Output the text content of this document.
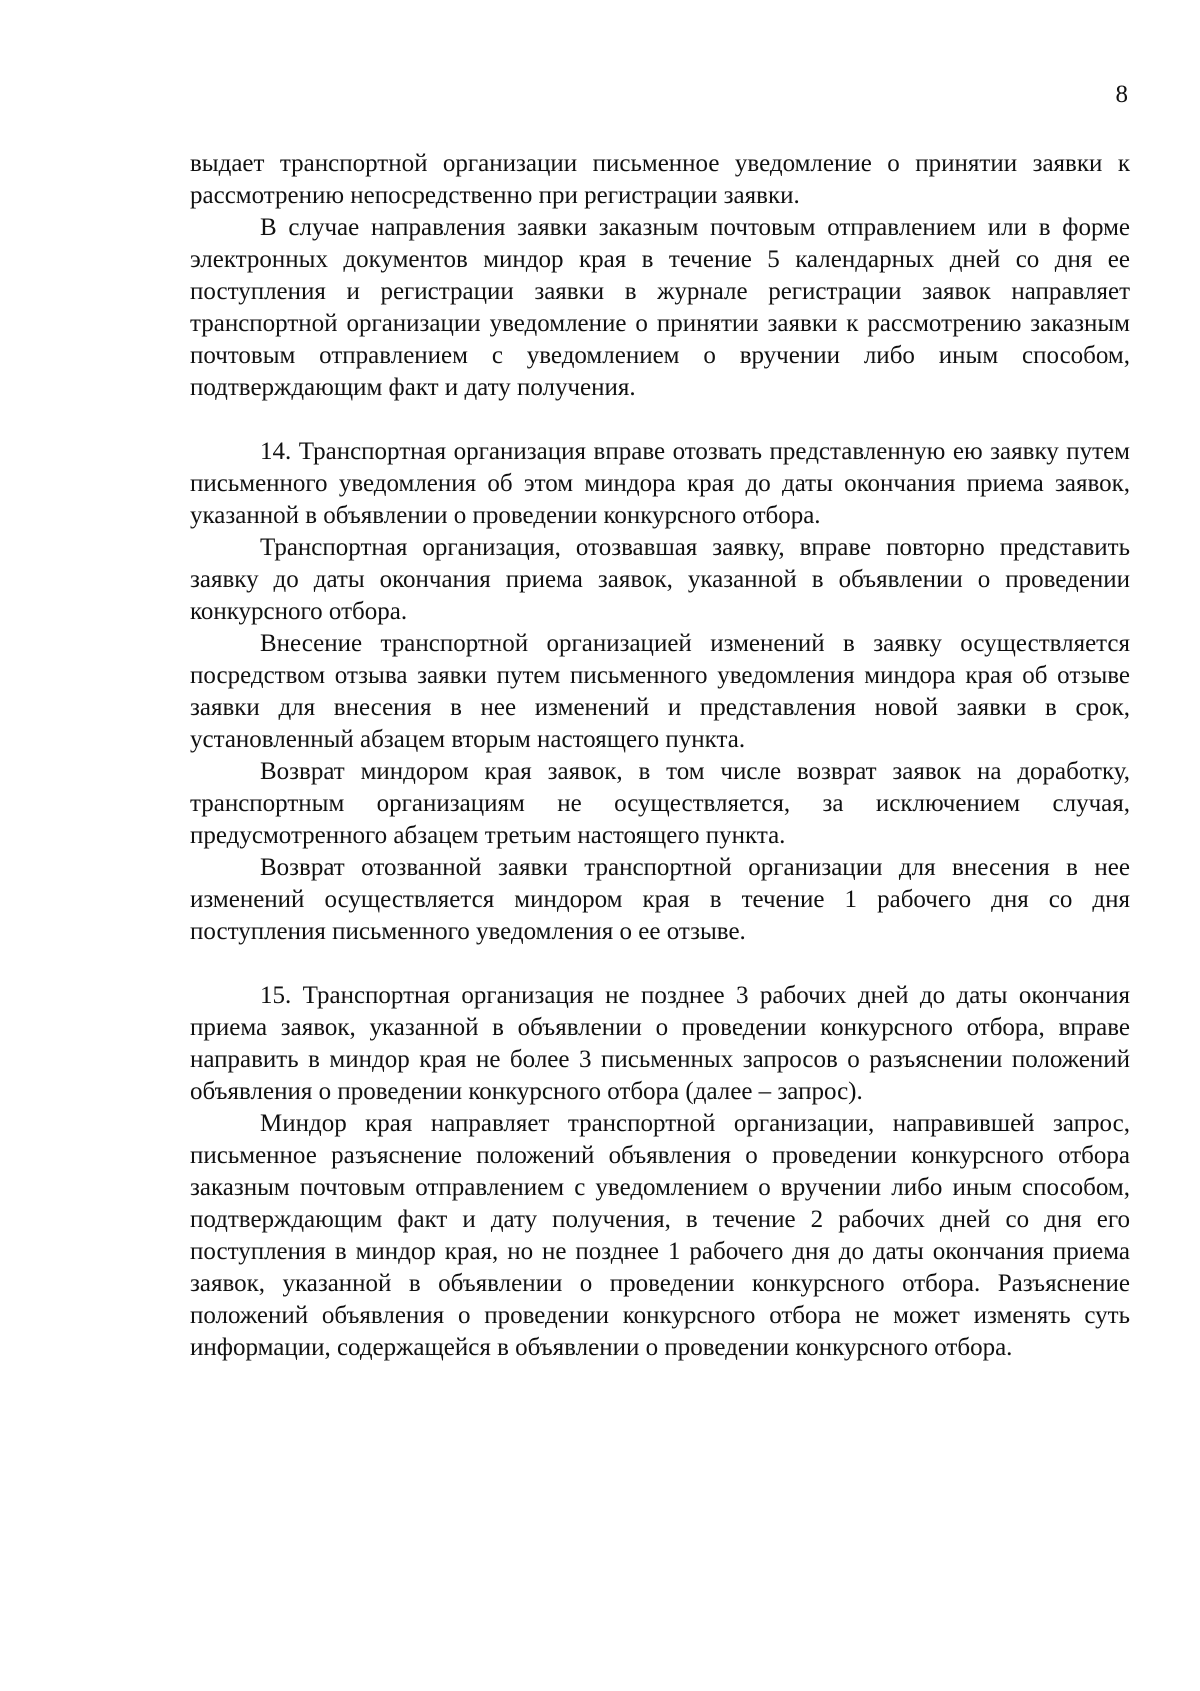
8

выдает транспортной организации письменное уведомление о принятии заявки к рассмотрению непосредственно при регистрации заявки.

В случае направления заявки заказным почтовым отправлением или в форме электронных документов миндор края в течение 5 календарных дней со дня ее поступления и регистрации заявки в журнале регистрации заявок направляет транспортной организации уведомление о принятии заявки к рассмотрению заказным почтовым отправлением с уведомлением о вручении либо иным способом, подтверждающим факт и дату получения.

14. Транспортная организация вправе отозвать представленную ею заявку путем письменного уведомления об этом миндора края до даты окончания приема заявок, указанной в объявлении о проведении конкурсного отбора.

Транспортная организация, отозвавшая заявку, вправе повторно представить заявку до даты окончания приема заявок, указанной в объявлении о проведении конкурсного отбора.

Внесение транспортной организацией изменений в заявку осуществляется посредством отзыва заявки путем письменного уведомления миндора края об отзыве заявки для внесения в нее изменений и представления новой заявки в срок, установленный абзацем вторым настоящего пункта.

Возврат миндором края заявок, в том числе возврат заявок на доработку, транспортным организациям не осуществляется, за исключением случая, предусмотренного абзацем третьим настоящего пункта.

Возврат отозванной заявки транспортной организации для внесения в нее изменений осуществляется миндором края в течение 1 рабочего дня со дня поступления письменного уведомления о ее отзыве.

15. Транспортная организация не позднее 3 рабочих дней до даты окончания приема заявок, указанной в объявлении о проведении конкурсного отбора, вправе направить в миндор края не более 3 письменных запросов о разъяснении положений объявления о проведении конкурсного отбора (далее – запрос).

Миндор края направляет транспортной организации, направившей запрос, письменное разъяснение положений объявления о проведении конкурсного отбора заказным почтовым отправлением с уведомлением о вручении либо иным способом, подтверждающим факт и дату получения, в течение 2 рабочих дней со дня его поступления в миндор края, но не позднее 1 рабочего дня до даты окончания приема заявок, указанной в объявлении о проведении конкурсного отбора. Разъяснение положений объявления о проведении конкурсного отбора не может изменять суть информации, содержащейся в объявлении о проведении конкурсного отбора.
